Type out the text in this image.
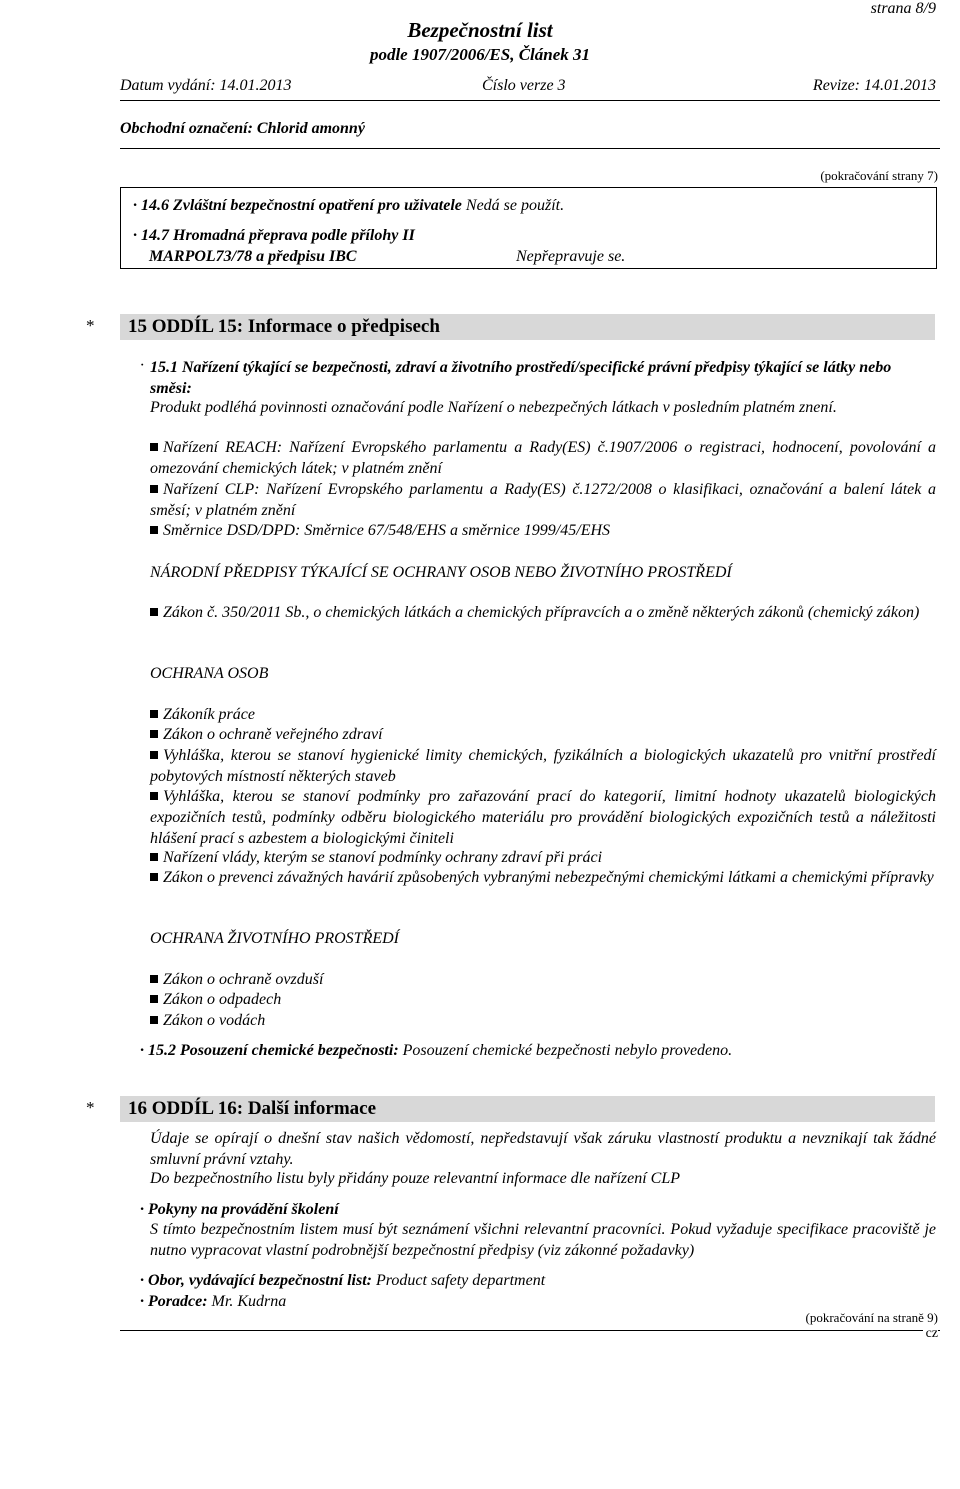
strana 8/9
Bezpečnostní list
podle 1907/2006/ES, Článek 31
Datum vydání: 14.01.2013	Číslo verze 3	Revize: 14.01.2013
Obchodní označení: Chlorid amonný
(pokračování strany 7)
· 14.6 Zvláštní bezpečnostní opatření pro uživatele Nedá se použít.
· 14.7 Hromadná přeprava podle přílohy II
MARPOL73/78 a předpisu IBC	Nepřepravuje se.
* 15 ODDÍL 15: Informace o předpisech
· 15.1 Nařízení týkající se bezpečnosti, zdraví a životního prostředí/specifické právní předpisy týkající se látky nebo směsi:
Produkt podléhá povinnosti označování podle Nařízení o nebezpečných látkach v posledním platném znení.
Nařízení REACH: Nařízení Evropského parlamentu a Rady(ES) č.1907/2006 o registraci, hodnocení, povolování a omezování chemických látek; v platném znění
Nařízení CLP: Nařízení Evropského parlamentu a Rady(ES) č.1272/2008 o klasifikaci, označování a balení látek a směsí; v platném znění
Směrnice DSD/DPD: Směrnice 67/548/EHS a směrnice 1999/45/EHS
NÁRODNÍ PŘEDPISY TÝKAJÍCÍ SE OCHRANY OSOB NEBO ŽIVOTNÍHO PROSTŘEDÍ
Zákon č. 350/2011 Sb., o chemických látkách a chemických přípravcích a o změně některých zákonů (chemický zákon)
OCHRANA OSOB
Zákoník práce
Zákon o ochraně veřejného zdraví
Vyhláška, kterou se stanoví hygienické limity chemických, fyzikálních a biologických ukazatelů pro vnitřní prostředí pobytových místností některých staveb
Vyhláška, kterou se stanoví podmínky pro zařazování prací do kategorií, limitní hodnoty ukazatelů biologických expozičních testů, podmínky odběru biologického materiálu pro provádění biologických expozičních testů a náležitosti hlášení prací s azbestem a biologickými činiteli
Nařízení vlády, kterým se stanoví podmínky ochrany zdraví při práci
Zákon o prevenci závažných havárií způsobených vybranými nebezpečnými chemickými látkami a chemickými přípravky
OCHRANA ŽIVOTNÍHO PROSTŘEDÍ
Zákon o ochraně ovzduší
Zákon o odpadech
Zákon o vodách
· 15.2 Posouzení chemické bezpečnosti: Posouzení chemické bezpečnosti nebylo provedeno.
* 16 ODDÍL 16: Další informace
Údaje se opírají o dnešní stav našich vědomostí, nepředstavují však záruku vlastností produktu a nevznikají tak žádné smluvní právní vztahy.
Do bezpečnostního listu byly přidány pouze relevantní informace dle nařízení CLP
· Pokyny na provádění školení
S tímto bezpečnostním listem musí být seznámení všichni relevantní pracovníci. Pokud vyžaduje specifikace pracoviště je nutno vypracovat vlastní podrobnější bezpečnostní předpisy (viz zákonné požadavky)
· Obor, vydávající bezpečnostní list: Product safety department
· Poradce: Mr. Kudrna
(pokračování na straně 9)
cz
